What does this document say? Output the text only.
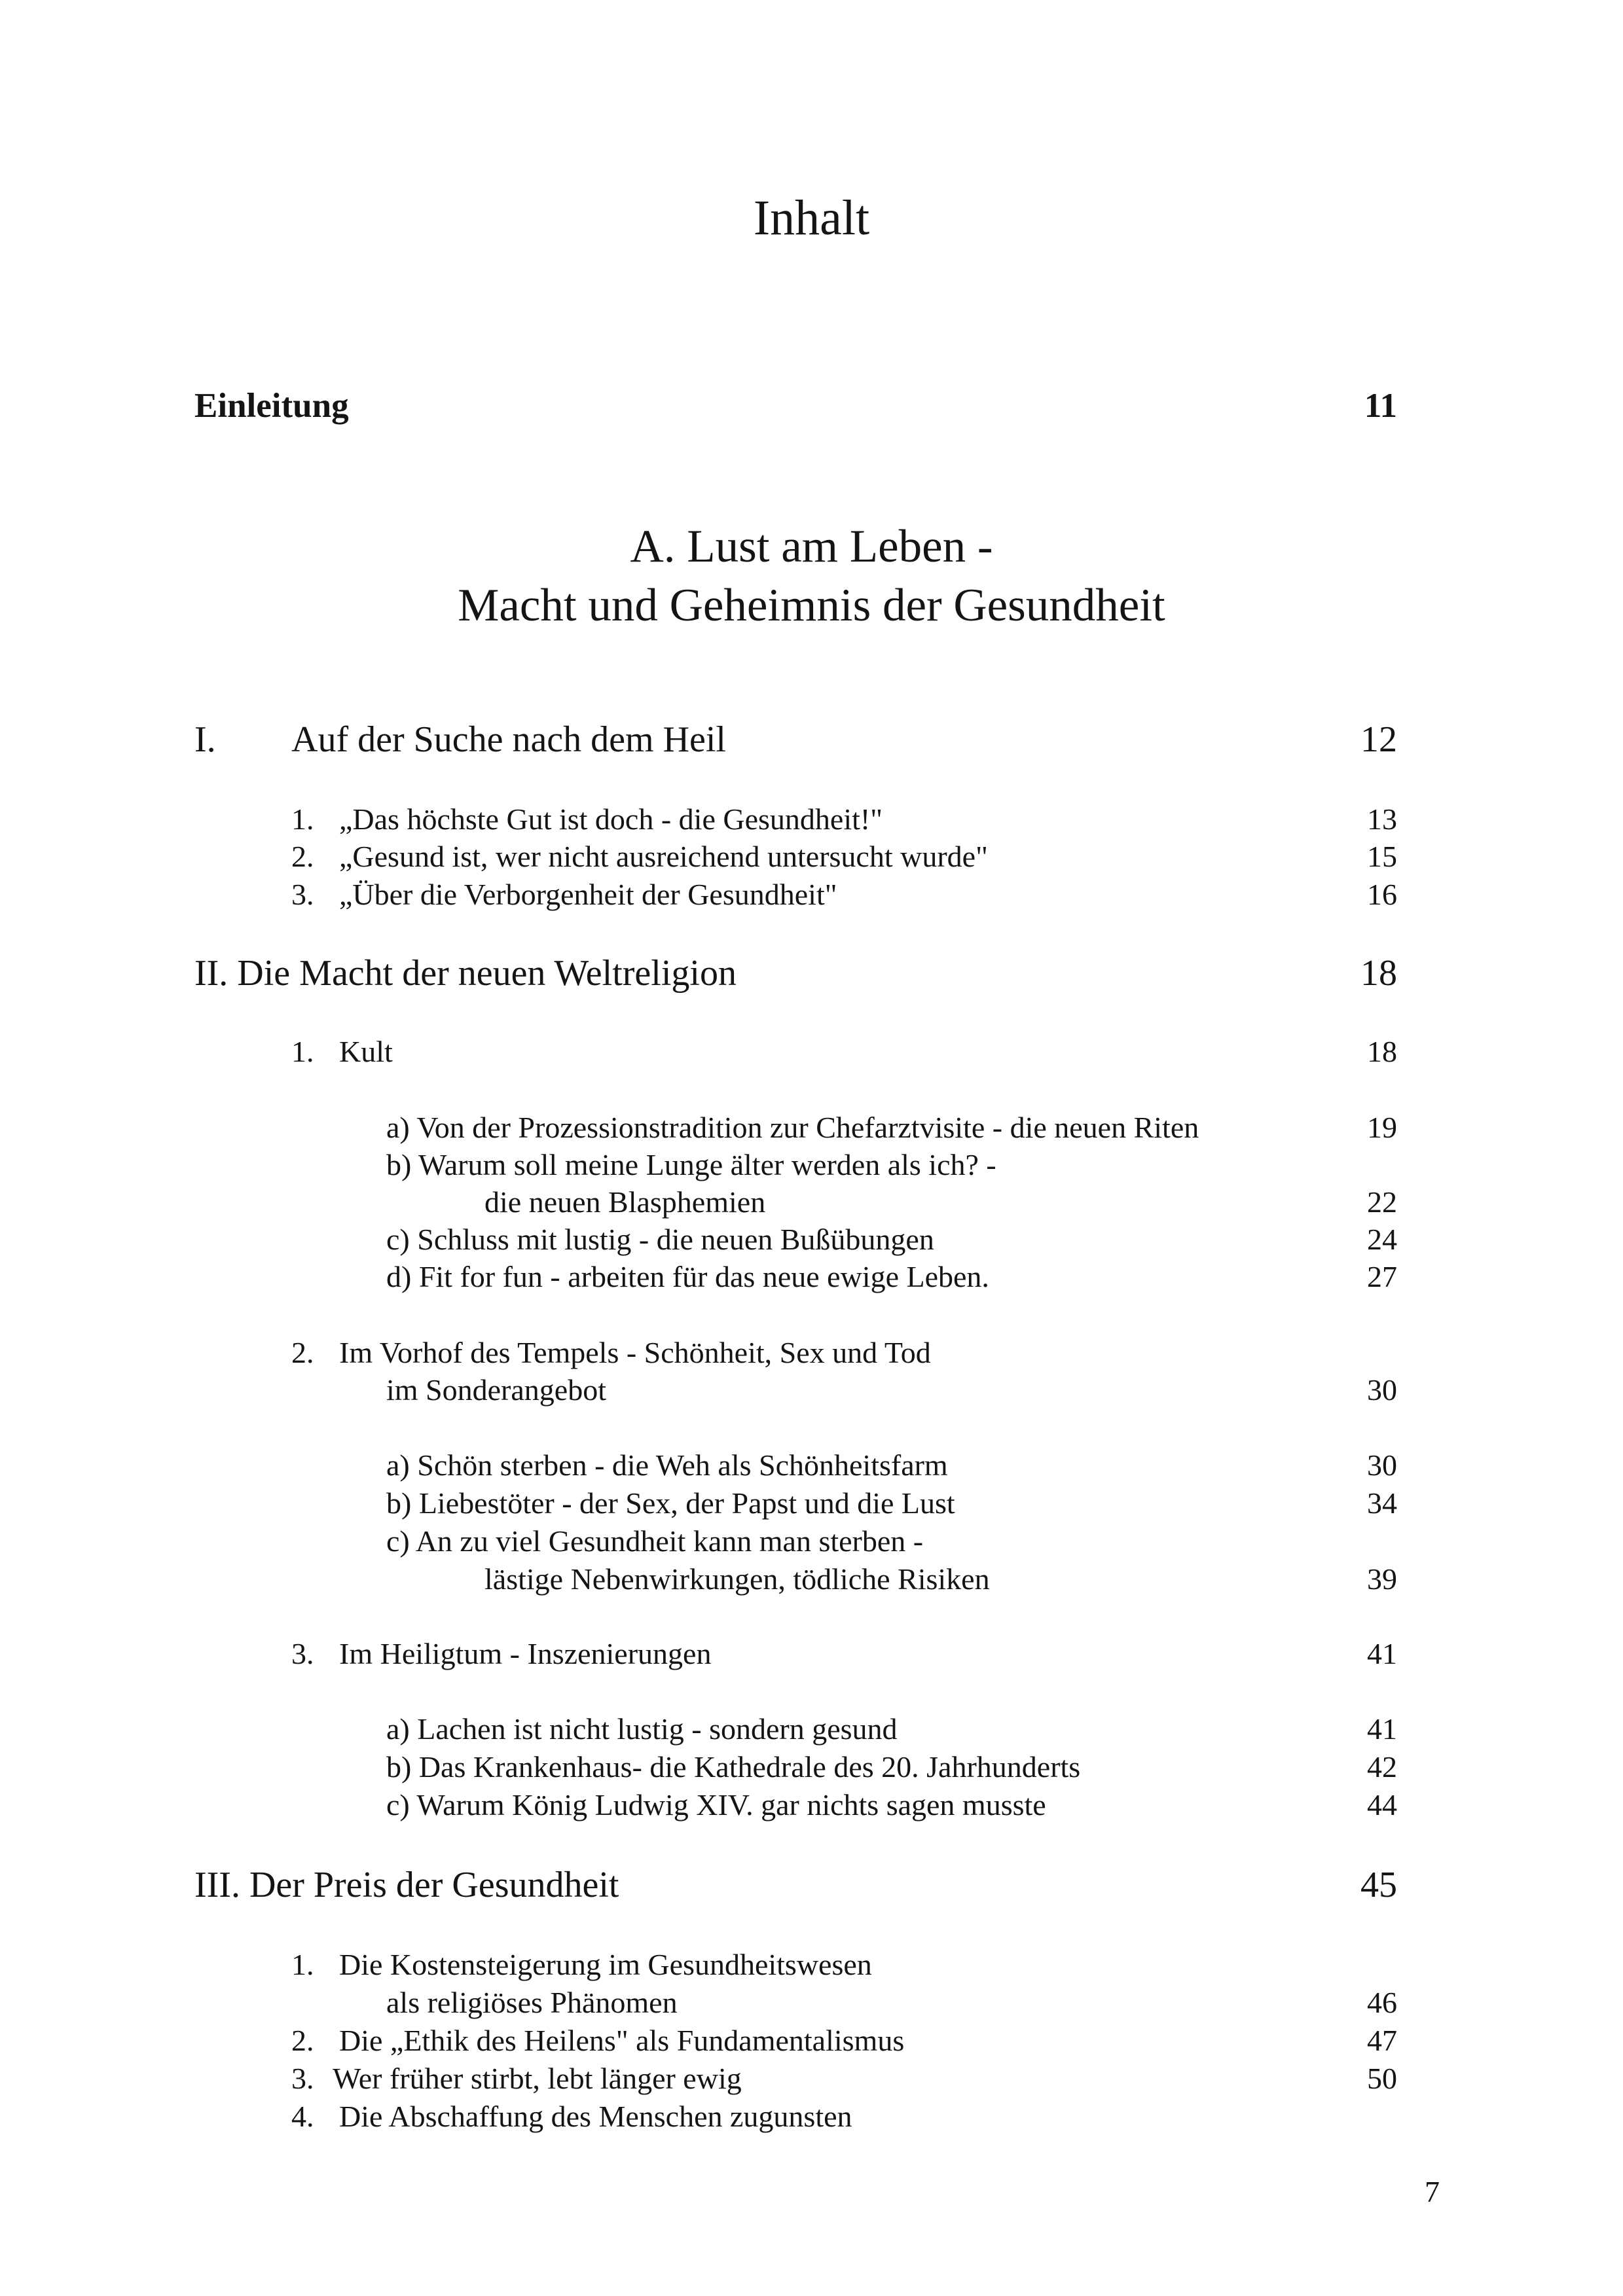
Inhalt
Einleitung	11
A. Lust am Leben -
Macht und Geheimnis der Gesundheit
I. Auf der Suche nach dem Heil	12
1. „Das höchste Gut ist doch - die Gesundheit!"	13
2. „Gesund ist, wer nicht ausreichend untersucht wurde"	15
3. „Über die Verborgenheit der Gesundheit"	16
II. Die Macht der neuen Weltreligion	18
1. Kult	18
a) Von der Prozessionstradition zur Chefarztvisite - die neuen Riten	19
b) Warum soll meine Lunge älter werden als ich? -
die neuen Blasphemien	22
c) Schluss mit lustig - die neuen Bußübungen	24
d) Fit for fun - arbeiten für das neue ewige Leben.	27
2. Im Vorhof des Tempels - Schönheit, Sex und Tod
im Sonderangebot	30
a) Schön sterben - die Weh als Schönheitsfarm	30
b) Liebestöter - der Sex, der Papst und die Lust	34
c) An zu viel Gesundheit kann man sterben -
lästige Nebenwirkungen, tödliche Risiken	39
3. Im Heiligtum - Inszenierungen	41
a) Lachen ist nicht lustig - sondern gesund	41
b) Das Krankenhaus- die Kathedrale des 20. Jahrhunderts	42
c) Warum König Ludwig XIV. gar nichts sagen musste	44
III. Der Preis der Gesundheit	45
1. Die Kostensteigerung im Gesundheitswesen
als religiöses Phänomen	46
2. Die „Ethik des Heilens" als Fundamentalismus	47
3. Wer früher stirbt, lebt länger ewig	50
4. Die Abschaffung des Menschen zugunsten
7
